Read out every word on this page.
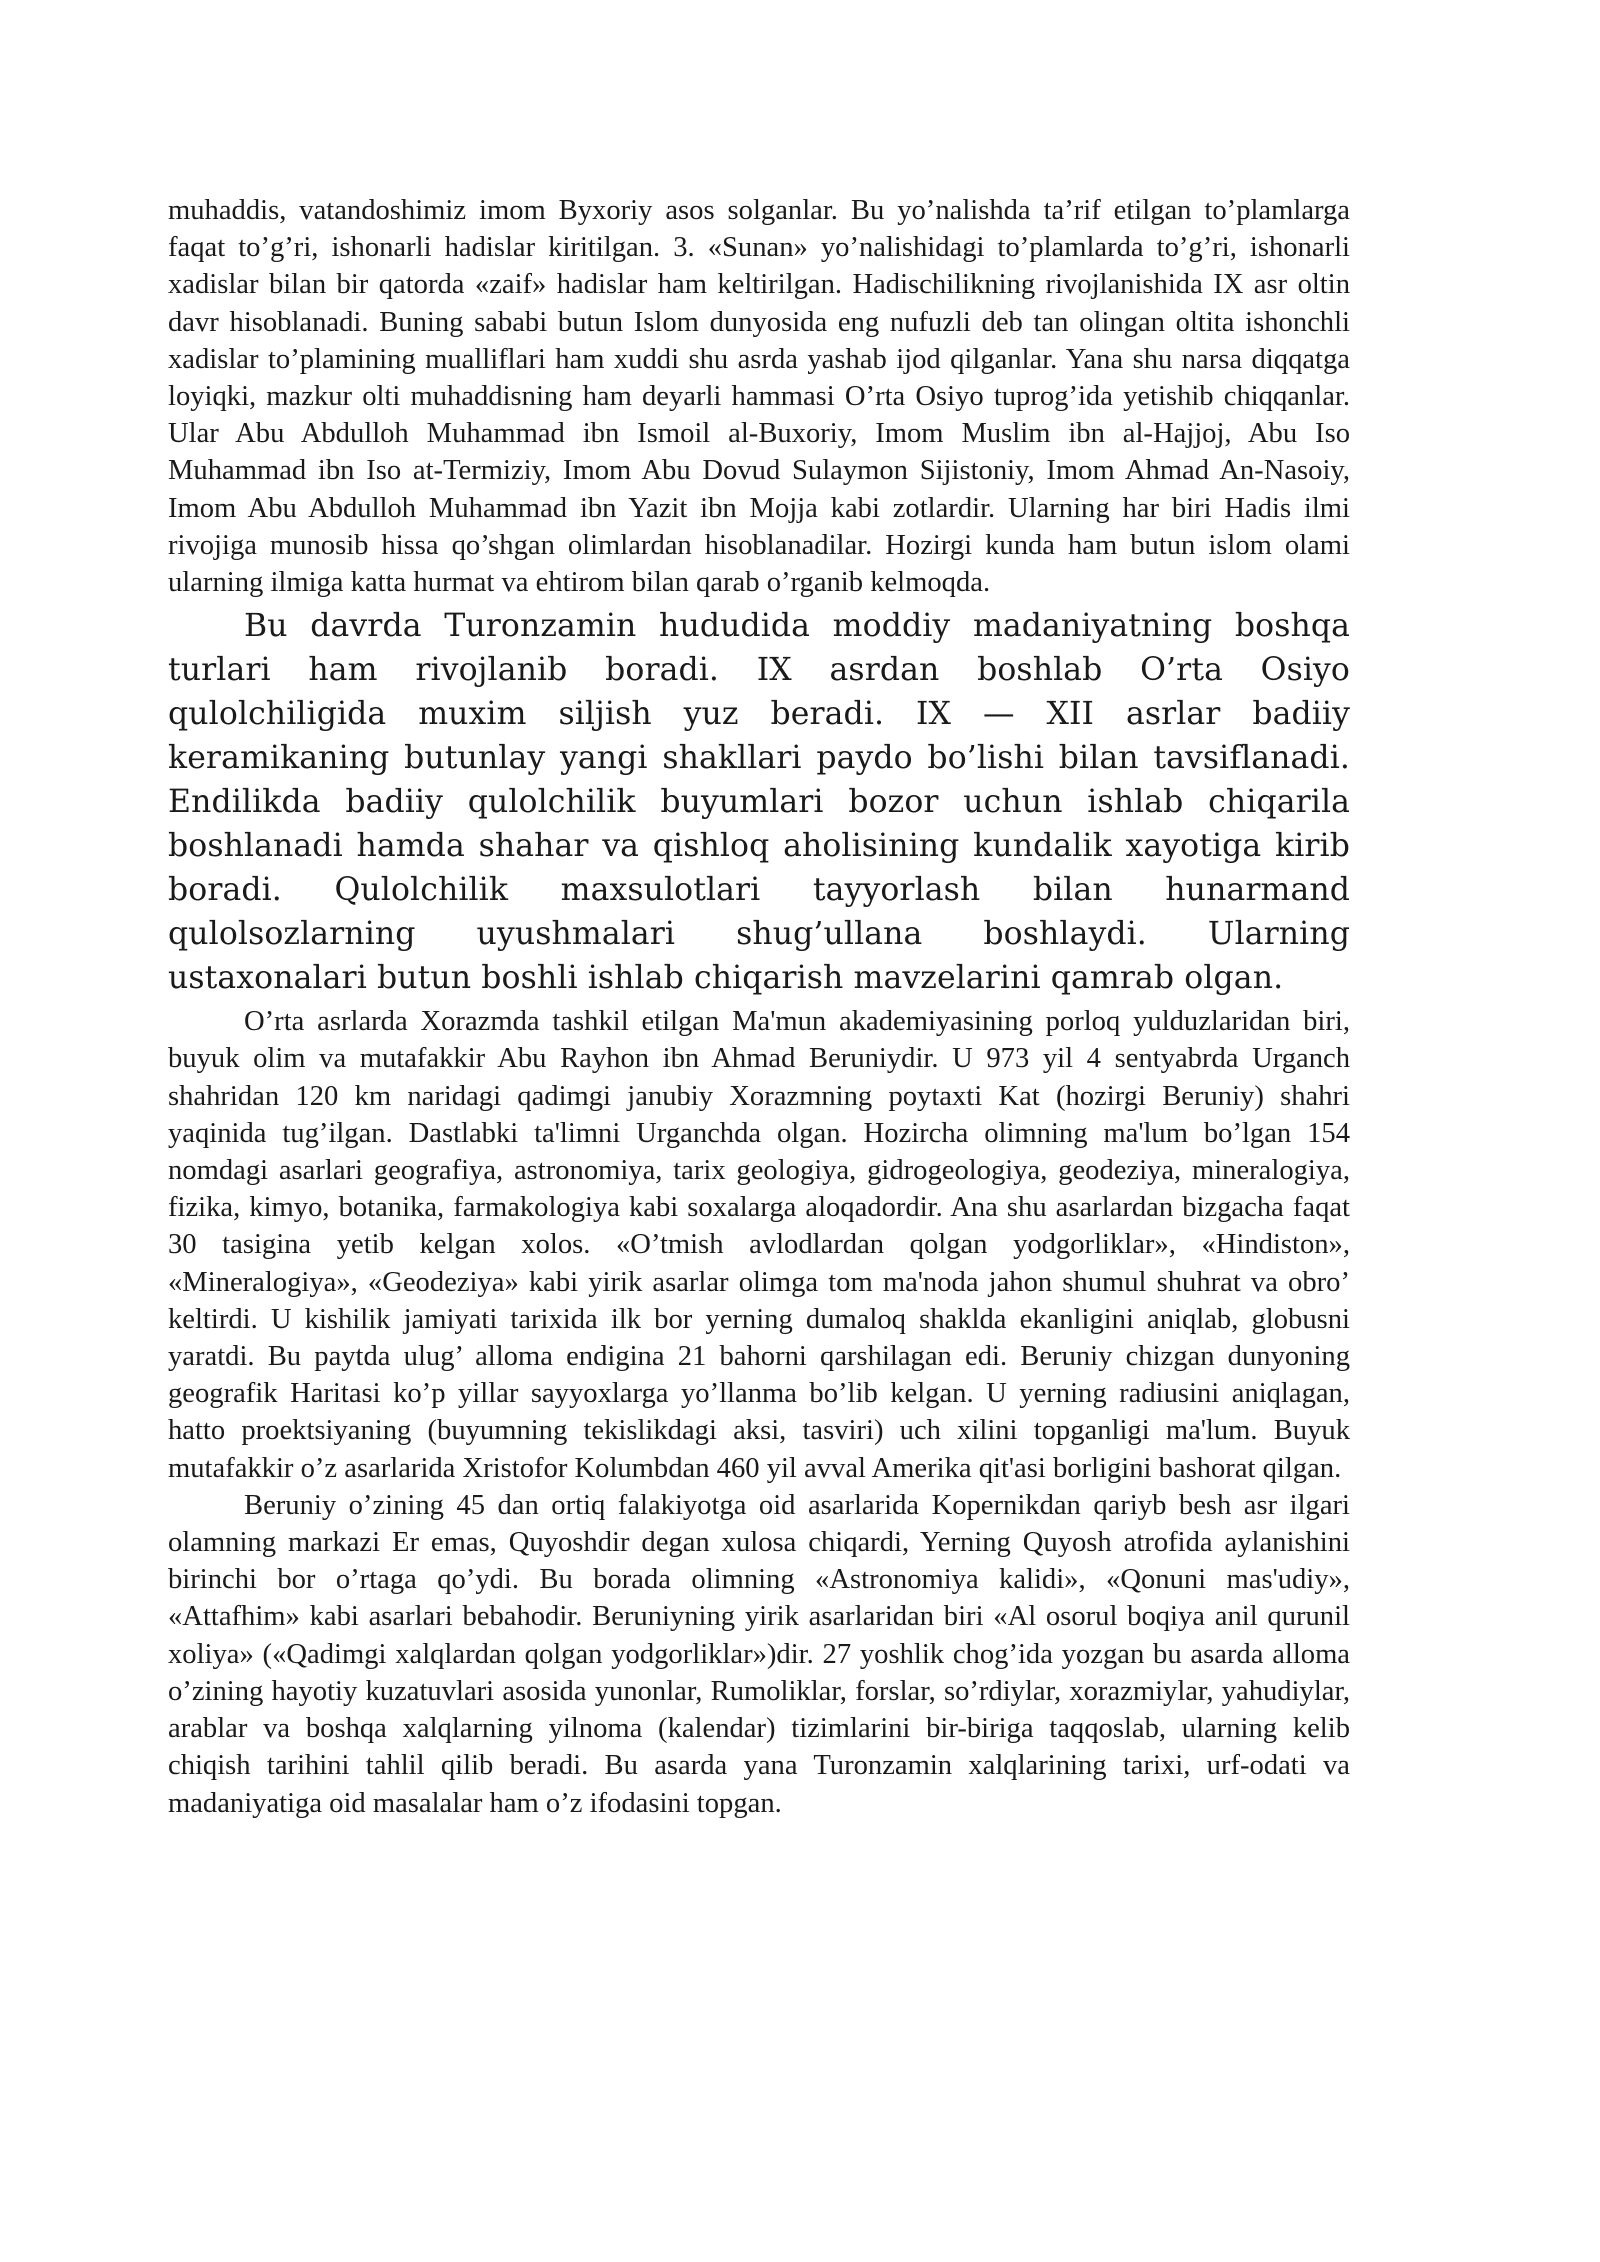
muhaddis, vatandoshimiz imom Byxoriy asos solganlar. Bu yo’nalishda ta’rif etilgan to’plamlarga faqat to’g’ri, ishonarli hadislar kiritilgan. 3. «Sunan» yo’nalishidagi to’plamlarda to’g’ri, ishonarli xadislar bilan bir qatorda «zaif» hadislar ham keltirilgan. Hadischilikning rivojlanishida IX asr oltin davr hisoblanadi. Buning sababi butun Islom dunyosida eng nufuzli deb tan olingan oltita ishonchli xadislar to’plamining mualliflari ham xuddi shu asrda yashab ijod qilganlar. Yana shu narsa diqqatga loyiqki, mazkur olti muhaddisning ham deyarli hammasi O’rta Osiyo tuprog’ida yetishib chiqqanlar. Ular Abu Abdulloh Muhammad ibn Ismoil al-Buxoriy, Imom Muslim ibn al-Hajjoj, Abu Iso Muhammad ibn Iso at-Termiziy, Imom Abu Dovud Sulaymon Sijistoniy, Imom Ahmad An-Nasoiy, Imom Abu Abdulloh Muhammad ibn Yazit ibn Mojja kabi zotlardir. Ularning har biri Hadis ilmi rivojiga munosib hissa qo’shgan olimlardan hisoblanadilar. Hozirgi kunda ham butun islom olami ularning ilmiga katta hurmat va ehtirom bilan qarab o’rganib kelmoqda.

Bu davrda Turonzamin hududida moddiy madaniyatning boshqa turlari ham rivojlanib boradi. IX asrdan boshlab O’rta Osiyo qulolchiligida muxim siljish yuz beradi. IX — XII asrlar badiiy keramikaning butunlay yangi shakllari paydo bo’lishi bilan tavsiflanadi. Endilikda badiiy qulolchilik buyumlari bozor uchun ishlab chiqarila boshlanadi hamda shahar va qishloq aholisining kundalik xayotiga kirib boradi. Qulolchilik maxsulotlari tayyorlash bilan hunarmand qulolsozlarning uyushmalari shug’ullana boshlaydi. Ularning ustaxonalari butun boshli ishlab chiqarish mavzelarini qamrab olgan.

O’rta asrlarda Xorazmda tashkil etilgan Ma'mun akademiyasining porloq yulduzlaridan biri, buyuk olim va mutafakkir Abu Rayhon ibn Ahmad Beruniydir. U 973 yil 4 sentyabrda Urganch shahridan 120 km naridagi qadimgi janubiy Xorazmning poytaxti Kat (hozirgi Beruniy) shahri yaqinida tug’ilgan. Dastlabki ta'limni Urganchda olgan. Hozircha olimning ma'lum bo’lgan 154 nomdagi asarlari geografiya, astronomiya, tarix geologiya, gidrogeologiya, geodeziya, mineralogiya, fizika, kimyo, botanika, farmakologiya kabi soxalarga aloqadordir. Ana shu asarlardan bizgacha faqat 30 tasigina yetib kelgan xolos. «O’tmish avlodlardan qolgan yodgorliklar», «Hindiston», «Mineralogiya», «Geodeziya» kabi yirik asarlar olimga tom ma'noda jahon shumul shuhrat va obro’ keltirdi. U kishilik jamiyati tarixida ilk bor yerning dumaloq shaklda ekanligini aniqlab, globusni yaratdi. Bu paytda ulug’ alloma endigina 21 bahorni qarshilagan edi. Beruniy chizgan dunyoning geografik Haritasi ko’p yillar sayyoxlarga yo’llanma bo’lib kelgan. U yerning radiusini aniqlagan, hatto proektsiyaning (buyumning tekislikdagi aksi, tasviri) uch xilini topganligi ma'lum. Buyuk mutafakkir o’z asarlarida Xristofor Kolumbdan 460 yil avval Amerika qit'asi borligini bashorat qilgan.

Beruniy o’zining 45 dan ortiq falakiyotga oid asarlarida Kopernikdan qariyb besh asr ilgari olamning markazi Er emas, Quyoshdir degan xulosa chiqardi, Yerning Quyosh atrofida aylanishini birinchi bor o’rtaga qo’ydi. Bu borada olimning «Astronomiya kalidi», «Qonuni mas'udiy», «Attafhim» kabi asarlari bebahodir. Beruniyning yirik asarlaridan biri «Al osorul boqiya anil qurunil xoliya» («Qadimgi xalqlardan qolgan yodgorliklar»)dir. 27 yoshlik chog’ida yozgan bu asarda alloma o’zining hayotiy kuzatuvlari asosida yunonlar, Rumoliklar, forslar, so’rdiylar, xorazmiylar, yahudiylar, arablar va boshqa xalqlarning yilnoma (kalendar) tizimlarini bir-biriga taqqoslab, ularning kelib chiqish tarihini tahlil qilib beradi. Bu asarda yana Turonzamin xalqlarining tarixi, urf-odati va madaniyatiga oid masalalar ham o’z ifodasini topgan.
